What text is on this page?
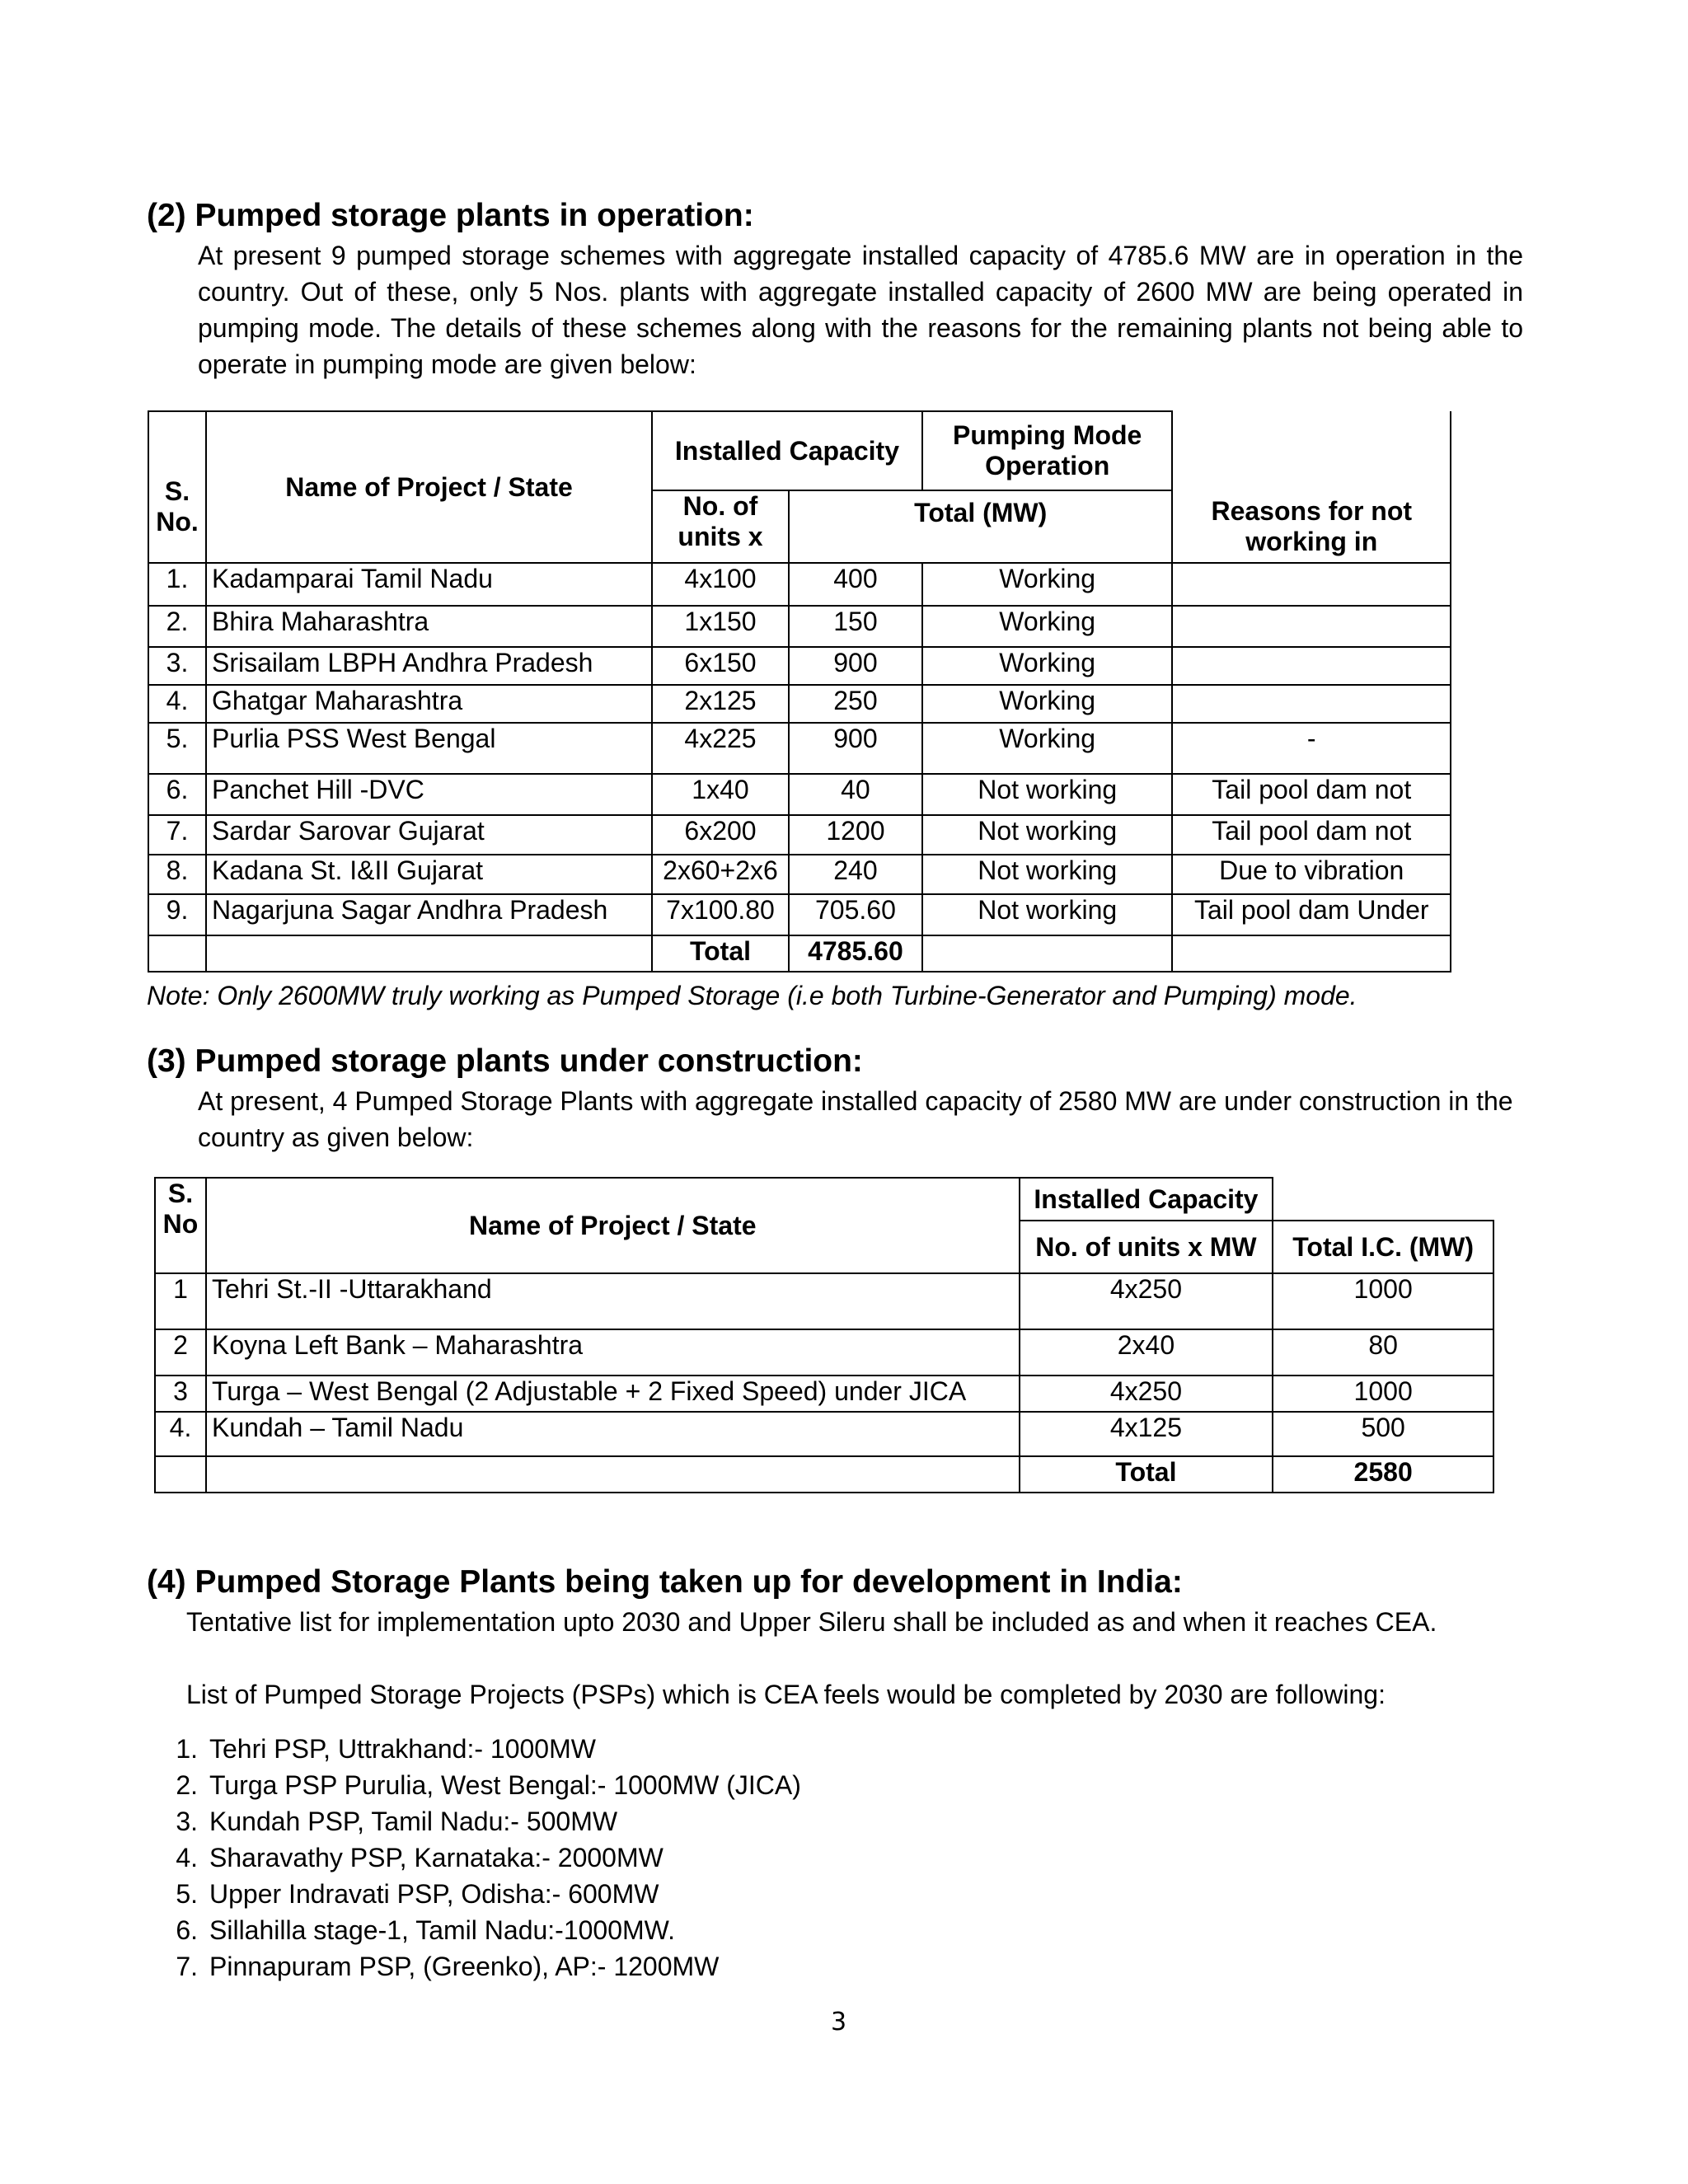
(2) Pumped storage plants in operation:
At present 9 pumped storage schemes with aggregate installed capacity of 4785.6 MW are in operation in the country. Out of these, only 5 Nos. plants with aggregate installed capacity of 2600 MW are being operated in pumping mode. The details of these schemes along with the reasons for the remaining plants not being able to operate in pumping mode are given below:
S. No.	Name of Project / State	Installed Capacity		Pumping Mode Operation	Reasons for not working in
		No. of units x	Total (MW)		
1.	Kadamparai Tamil Nadu	4x100	400	Working	
2.	Bhira Maharashtra	1x150	150	Working	
3.	Srisailam LBPH Andhra Pradesh	6x150	900	Working	
4.	Ghatgar Maharashtra	2x125	250	Working	
5.	Purlia PSS West Bengal	4x225	900	Working	-
6.	Panchet Hill -DVC	1x40	40	Not working	Tail pool dam not
7.	Sardar Sarovar Gujarat	6x200	1200	Not working	Tail pool dam not
8.	Kadana St. I&II Gujarat	2x60+2x6	240	Not working	Due to vibration
9.	Nagarjuna Sagar Andhra Pradesh	7x100.80	705.60	Not working	Tail pool dam Under
		Total	4785.60		
Note: Only 2600MW truly working as Pumped Storage (i.e both Turbine-Generator and Pumping) mode.
(3) Pumped storage plants under construction:
At present, 4 Pumped Storage Plants with aggregate installed capacity of 2580 MW are under construction in the country as given below:
S. No	Name of Project / State	Installed Capacity	
		No. of units x MW	Total I.C. (MW)
1	Tehri St.-II -Uttarakhand	4x250	1000
2	Koyna Left Bank – Maharashtra	2x40	80
3	Turga – West Bengal (2 Adjustable + 2 Fixed Speed) under JICA	4x250	1000
4.	Kundah – Tamil Nadu	4x125	500
		Total	2580
(4) Pumped Storage Plants being taken up for development in India:
Tentative list for implementation upto 2030 and Upper Sileru shall be included as and when it reaches CEA.
List of Pumped Storage Projects (PSPs) which is CEA feels would be completed by 2030 are following:
1. Tehri PSP, Uttrakhand:- 1000MW
2. Turga PSP Purulia, West Bengal:- 1000MW (JICA)
3. Kundah PSP, Tamil Nadu:- 500MW
4. Sharavathy PSP, Karnataka:- 2000MW
5. Upper Indravati PSP, Odisha:- 600MW
6. Sillahilla stage-1, Tamil Nadu:-1000MW.
7. Pinnapuram PSP, (Greenko), AP:- 1200MW
3
